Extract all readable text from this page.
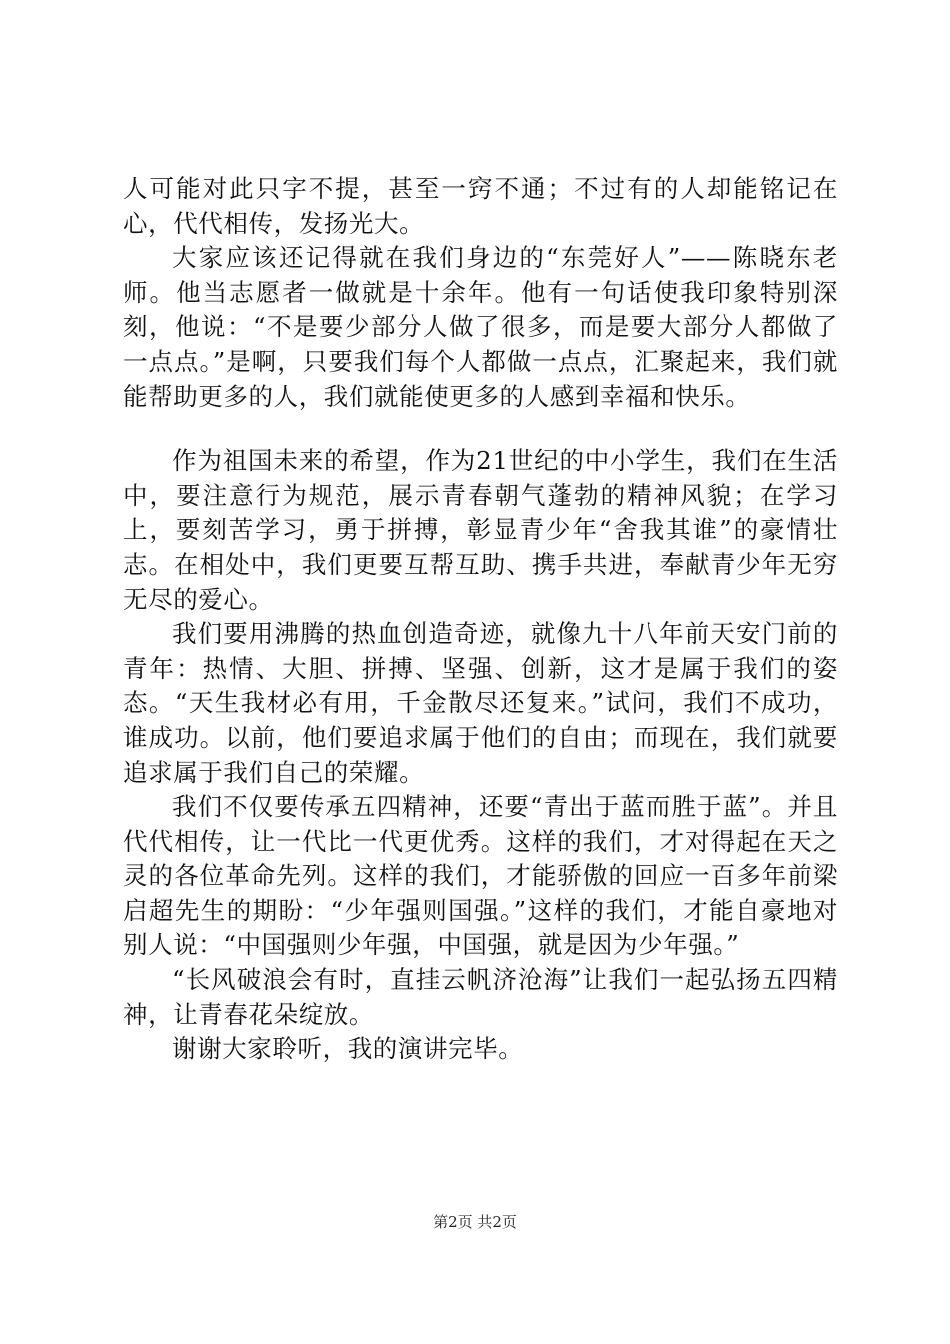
人可能对此只字不提，甚至一窍不通；不过有的人却能铭记在心，代代相传，发扬光大。

大家应该还记得就在我们身边的“东莞好人”——陈晓东老师。他当志愿者一做就是十余年。他有一句话使我印象特别深刻，他说：“不是要少部分人做了很多，而是要大部分人都做了一点点。”是啊，只要我们每个人都做一点点，汇聚起来，我们就能帮助更多的人，我们就能使更多的人感到幸福和快乐。

作为祖国未来的希望，作为21世纪的中小学生，我们在生活中，要注意行为规范，展示青春朝气蓬勃的精神风貌；在学习上，要刻苦学习，勇于拼搏，彰显青少年“舍我其谁”的豪情壮志。在相处中，我们更要互帮互助、携手共进，奉献青少年无穷无尽的爱心。

我们要用沸腾的热血创造奇迹，就像九十八年前天安门前的青年：热情、大胆、拼搏、坚强、创新，这才是属于我们的姿态。“天生我材必有用，千金散尽还复来。”试问，我们不成功，谁成功。以前，他们要追求属于他们的自由；而现在，我们就要追求属于我们自己的荣耀。

我们不仅要传承五四精神，还要“青出于蓝而胜于蓝”。并且代代相传，让一代比一代更优秀。这样的我们，才对得起在天之灵的各位革命先列。这样的我们，才能骄傲的回应一百多年前梁启超先生的期盼：“少年强则国强。”这样的我们，才能自豪地对别人说：“中国强则少年强，中国强，就是因为少年强。”

“长风破浪会有时，直挂云帆济沧海”让我们一起弘扬五四精神，让青春花朵绽放。

谢谢大家聆听，我的演讲完毕。

第2页 共2页
